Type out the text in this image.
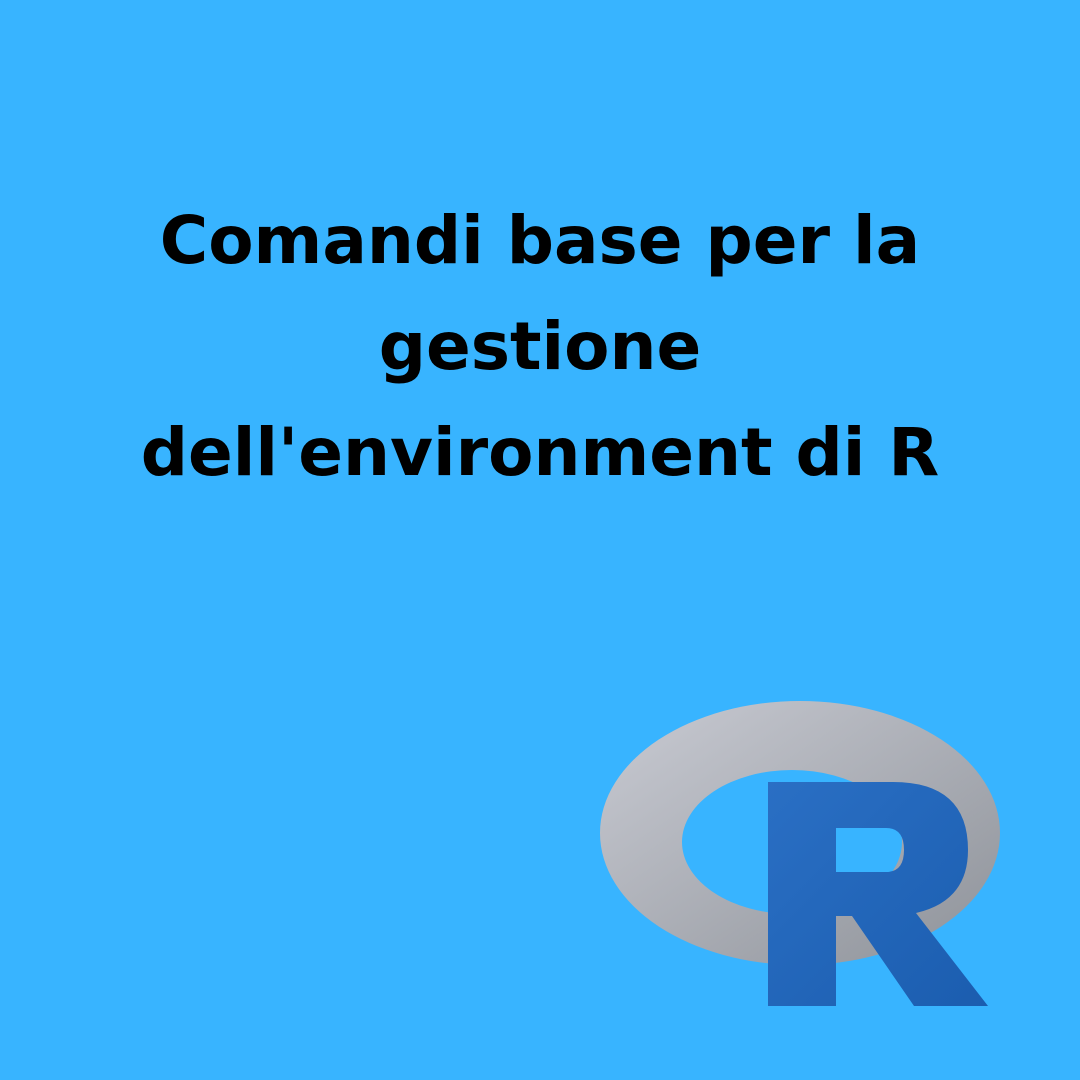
Comandi base per la
gestione
dell'environment di R
